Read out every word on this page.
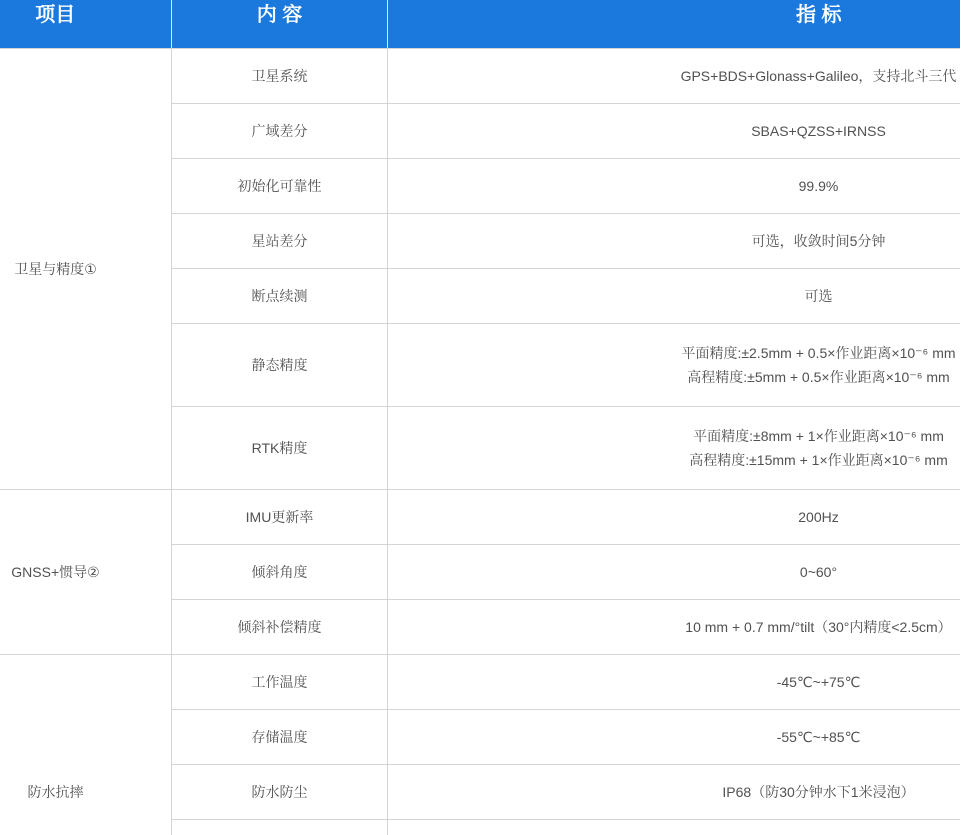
项目	内 容	指 标
卫星与精度①	卫星系统	GPS+BDS+Glonass+Galileo，支持北斗三代

	广域差分	SBAS+QZSS+IRNSS

	初始化可靠性	99.9%

	星站差分	可选，收敛时间5分钟

	断点续测	可选

	静态精度	平面精度:±2.5mm + 0.5×作业距离×10⁻⁶ mm
高程精度:±5mm + 0.5×作业距离×10⁻⁶ mm

	RTK精度	平面精度:±8mm + 1×作业距离×10⁻⁶ mm
高程精度:±15mm + 1×作业距离×10⁻⁶ mm

GNSS+惯导②	IMU更新率	200Hz

	倾斜角度	0~60°

	倾斜补偿精度	10 mm + 0.7 mm/°tilt（30°内精度<2.5cm）

防水抗摔	工作温度	-45℃~+75℃

	存储温度	-55℃~+85℃

	防水防尘	IP68（防30分钟水下1米浸泡）
